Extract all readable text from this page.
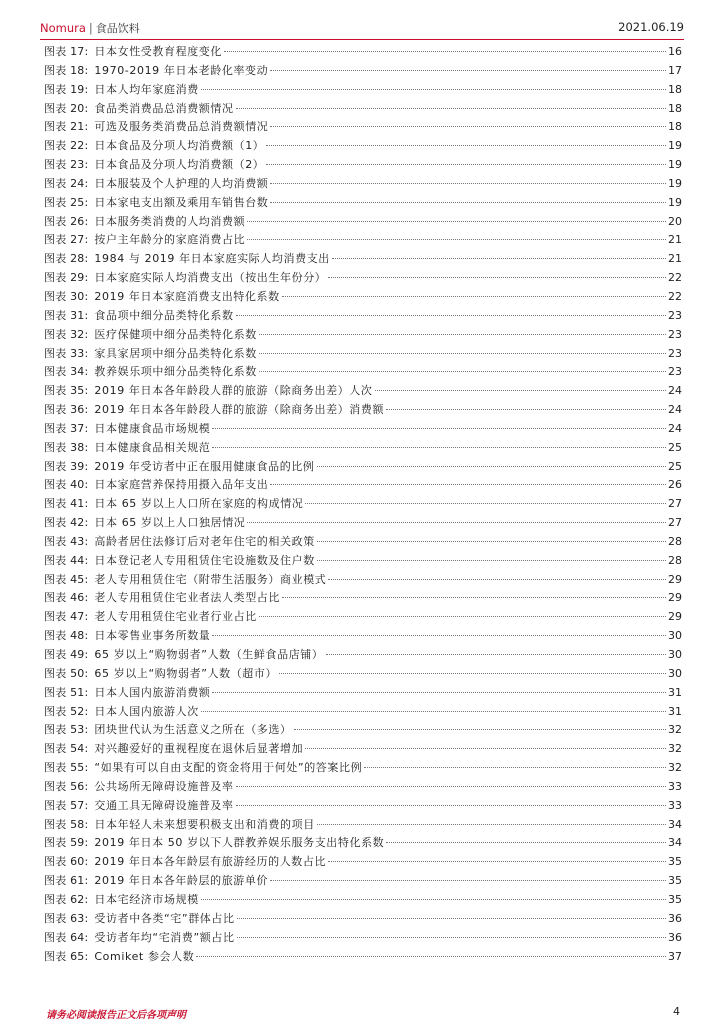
Nomura | 食品饮料	2021.06.19
图表 17: 日本女性受教育程度变化	16
图表 18: 1970-2019 年日本老龄化率变动	17
图表 19: 日本人均年家庭消费	18
图表 20: 食品类消费品总消费额情况	18
图表 21: 可选及服务类消费品总消费额情况	18
图表 22: 日本食品及分项人均消费额（1）	19
图表 23: 日本食品及分项人均消费额（2）	19
图表 24: 日本服装及个人护理的人均消费额	19
图表 25: 日本家电支出额及乘用车销售台数	19
图表 26: 日本服务类消费的人均消费额	20
图表 27: 按户主年龄分的家庭消费占比	21
图表 28: 1984 与 2019 年日本家庭实际人均消费支出	21
图表 29: 日本家庭实际人均消费支出（按出生年份分）	22
图表 30: 2019 年日本家庭消费支出特化系数	22
图表 31: 食品项中细分品类特化系数	23
图表 32: 医疗保健项中细分品类特化系数	23
图表 33: 家具家居项中细分品类特化系数	23
图表 34: 教养娱乐项中细分品类特化系数	23
图表 35: 2019 年日本各年龄段人群的旅游（除商务出差）人次	24
图表 36: 2019 年日本各年龄段人群的旅游（除商务出差）消费额	24
图表 37: 日本健康食品市场规模	24
图表 38: 日本健康食品相关规范	25
图表 39: 2019 年受访者中正在服用健康食品的比例	25
图表 40: 日本家庭营养保持用摄入品年支出	26
图表 41: 日本 65 岁以上人口所在家庭的构成情况	27
图表 42: 日本 65 岁以上人口独居情况	27
图表 43: 高龄者居住法修订后对老年住宅的相关政策	28
图表 44: 日本登记老人专用租赁住宅设施数及住户数	28
图表 45: 老人专用租赁住宅（附带生活服务）商业模式	29
图表 46: 老人专用租赁住宅业者法人类型占比	29
图表 47: 老人专用租赁住宅业者行业占比	29
图表 48: 日本零售业事务所数量	30
图表 49: 65 岁以上“购物弱者”人数（生鲜食品店铺）	30
图表 50: 65 岁以上“购物弱者”人数（超市）	30
图表 51: 日本人国内旅游消费额	31
图表 52: 日本人国内旅游人次	31
图表 53: 团块世代认为生活意义之所在（多选）	32
图表 54: 对兴趣爱好的重视程度在退休后显著增加	32
图表 55: “如果有可以自由支配的资金将用于何处”的答案比例	32
图表 56: 公共场所无障碍设施普及率	33
图表 57: 交通工具无障碍设施普及率	33
图表 58: 日本年轻人未来想要积极支出和消费的项目	34
图表 59: 2019 年日本 50 岁以下人群教养娱乐服务支出特化系数	34
图表 60: 2019 年日本各年龄层有旅游经历的人数占比	35
图表 61: 2019 年日本各年龄层的旅游单价	35
图表 62: 日本宅经济市场规模	35
图表 63: 受访者中各类“宅”群体占比	36
图表 64: 受访者年均“宅消费”额占比	36
图表 65: Comiket 参会人数	37
请务必阅读报告正文后各项声明	4
